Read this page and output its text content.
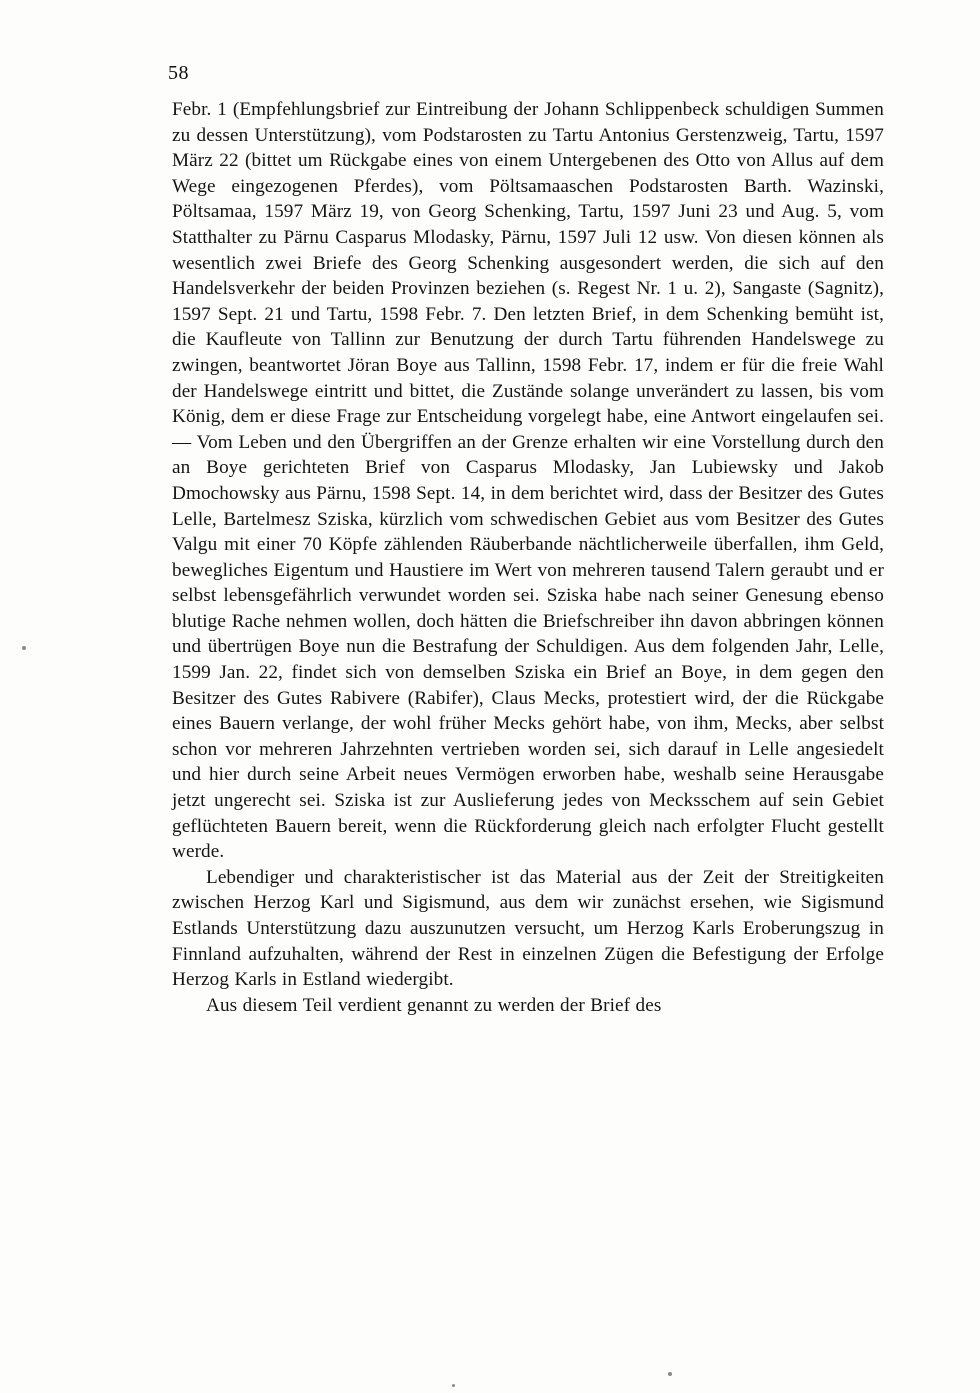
58

Febr. 1 (Empfehlungsbrief zur Eintreibung der Johann Schlippenbeck schuldigen Summen zu dessen Unterstützung), vom Podstarosten zu Tartu Antonius Gerstenzweig, Tartu, 1597 März 22 (bittet um Rückgabe eines von einem Untergebenen des Otto von Allus auf dem Wege eingezogenen Pferdes), vom Pöltsamaaschen Podstarosten Barth. Wazinski, Pöltsamaa, 1597 März 19, von Georg Schenking, Tartu, 1597 Juni 23 und Aug. 5, vom Statthalter zu Pärnu Casparus Mlodasky, Pärnu, 1597 Juli 12 usw. Von diesen können als wesentlich zwei Briefe des Georg Schenking ausgesondert werden, die sich auf den Handelsverkehr der beiden Provinzen beziehen (s. Regest Nr. 1 u. 2), Sangaste (Sagnitz), 1597 Sept. 21 und Tartu, 1598 Febr. 7. Den letzten Brief, in dem Schenking bemüht ist, die Kaufleute von Tallinn zur Benutzung der durch Tartu führenden Handelswege zu zwingen, beantwortet Jöran Boye aus Tallinn, 1598 Febr. 17, indem er für die freie Wahl der Handelswege eintritt und bittet, die Zustände solange unverändert zu lassen, bis vom König, dem er diese Frage zur Entscheidung vorgelegt habe, eine Antwort eingelaufen sei. — Vom Leben und den Übergriffen an der Grenze erhalten wir eine Vorstellung durch den an Boye gerichteten Brief von Casparus Mlodasky, Jan Lubiewsky und Jakob Dmochowsky aus Pärnu, 1598 Sept. 14, in dem berichtet wird, dass der Besitzer des Gutes Lelle, Bartelmesz Sziska, kürzlich vom schwedischen Gebiet aus vom Besitzer des Gutes Valgu mit einer 70 Köpfe zählenden Räuberbande nächtlicherweile überfallen, ihm Geld, bewegliches Eigentum und Haustiere im Wert von mehreren tausend Talern geraubt und er selbst lebensgefährlich verwundet worden sei. Sziska habe nach seiner Genesung ebenso blutige Rache nehmen wollen, doch hätten die Briefschreiber ihn davon abbringen können und übertrügen Boye nun die Bestrafung der Schuldigen. Aus dem folgenden Jahr, Lelle, 1599 Jan. 22, findet sich von demselben Sziska ein Brief an Boye, in dem gegen den Besitzer des Gutes Rabivere (Rabifer), Claus Mecks, protestiert wird, der die Rückgabe eines Bauern verlange, der wohl früher Mecks gehört habe, von ihm, Mecks, aber selbst schon vor mehreren Jahrzehnten vertrieben worden sei, sich darauf in Lelle angesiedelt und hier durch seine Arbeit neues Vermögen erworben habe, weshalb seine Herausgabe jetzt ungerecht sei. Sziska ist zur Auslieferung jedes von Mecksschem auf sein Gebiet geflüchteten Bauern bereit, wenn die Rückforderung gleich nach erfolgter Flucht gestellt werde.

Lebendiger und charakteristischer ist das Material aus der Zeit der Streitigkeiten zwischen Herzog Karl und Sigismund, aus dem wir zunächst ersehen, wie Sigismund Estlands Unterstützung dazu auszunutzen versucht, um Herzog Karls Eroberungszug in Finnland aufzuhalten, während der Rest in einzelnen Zügen die Befestigung der Erfolge Herzog Karls in Estland wiedergibt.

Aus diesem Teil verdient genannt zu werden der Brief des
